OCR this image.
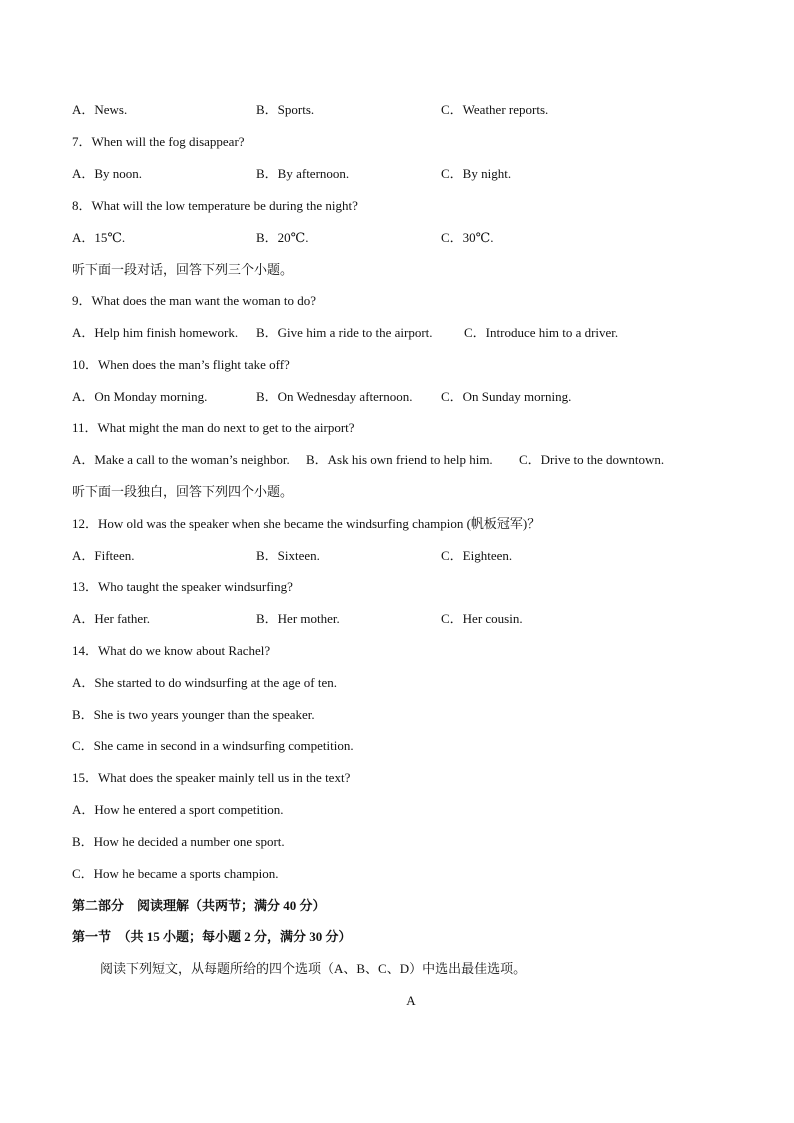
A．News.	B．Sports.	C．Weather reports.
7．When will the fog disappear?
A．By noon.	B．By afternoon.	C．By night.
8．What will the low temperature be during the night?
A．15℃.	B．20℃.	C．30℃.
听下面一段对话，回答下列三个小题。
9．What does the man want the woman to do?
A．Help him finish homework. B．Give him a ride to the airport. C．Introduce him to a driver.
10．When does the man’s flight take off?
A．On Monday morning.	B．On Wednesday afternoon. C．On Sunday morning.
11．What might the man do next to get to the airport?
A．Make a call to the woman’s neighbor. B．Ask his own friend to help him. C．Drive to the downtown.
听下面一段独白，回答下列四个小题。
12．How old was the speaker when she became the windsurfing champion (帆板冠军)？
A．Fifteen.	B．Sixteen.	C．Eighteen.
13．Who taught the speaker windsurfing?
A．Her father.	B．Her mother.	C．Her cousin.
14．What do we know about Rachel?
A．She started to do windsurfing at the age of ten.
B．She is two years younger than the speaker.
C．She came in second in a windsurfing competition.
15．What does the speaker mainly tell us in the text?
A．How he entered a sport competition.
B．How he decided a number one sport.
C．How he became a sports champion.
第二部分　阅读理解（共两节；满分 40 分）
第一节　（共 15 小题；每小题 2 分，满分 30 分）
阅读下列短文，从每题所给的四个选项（A、B、C、D）中选出最佳选项。
A
